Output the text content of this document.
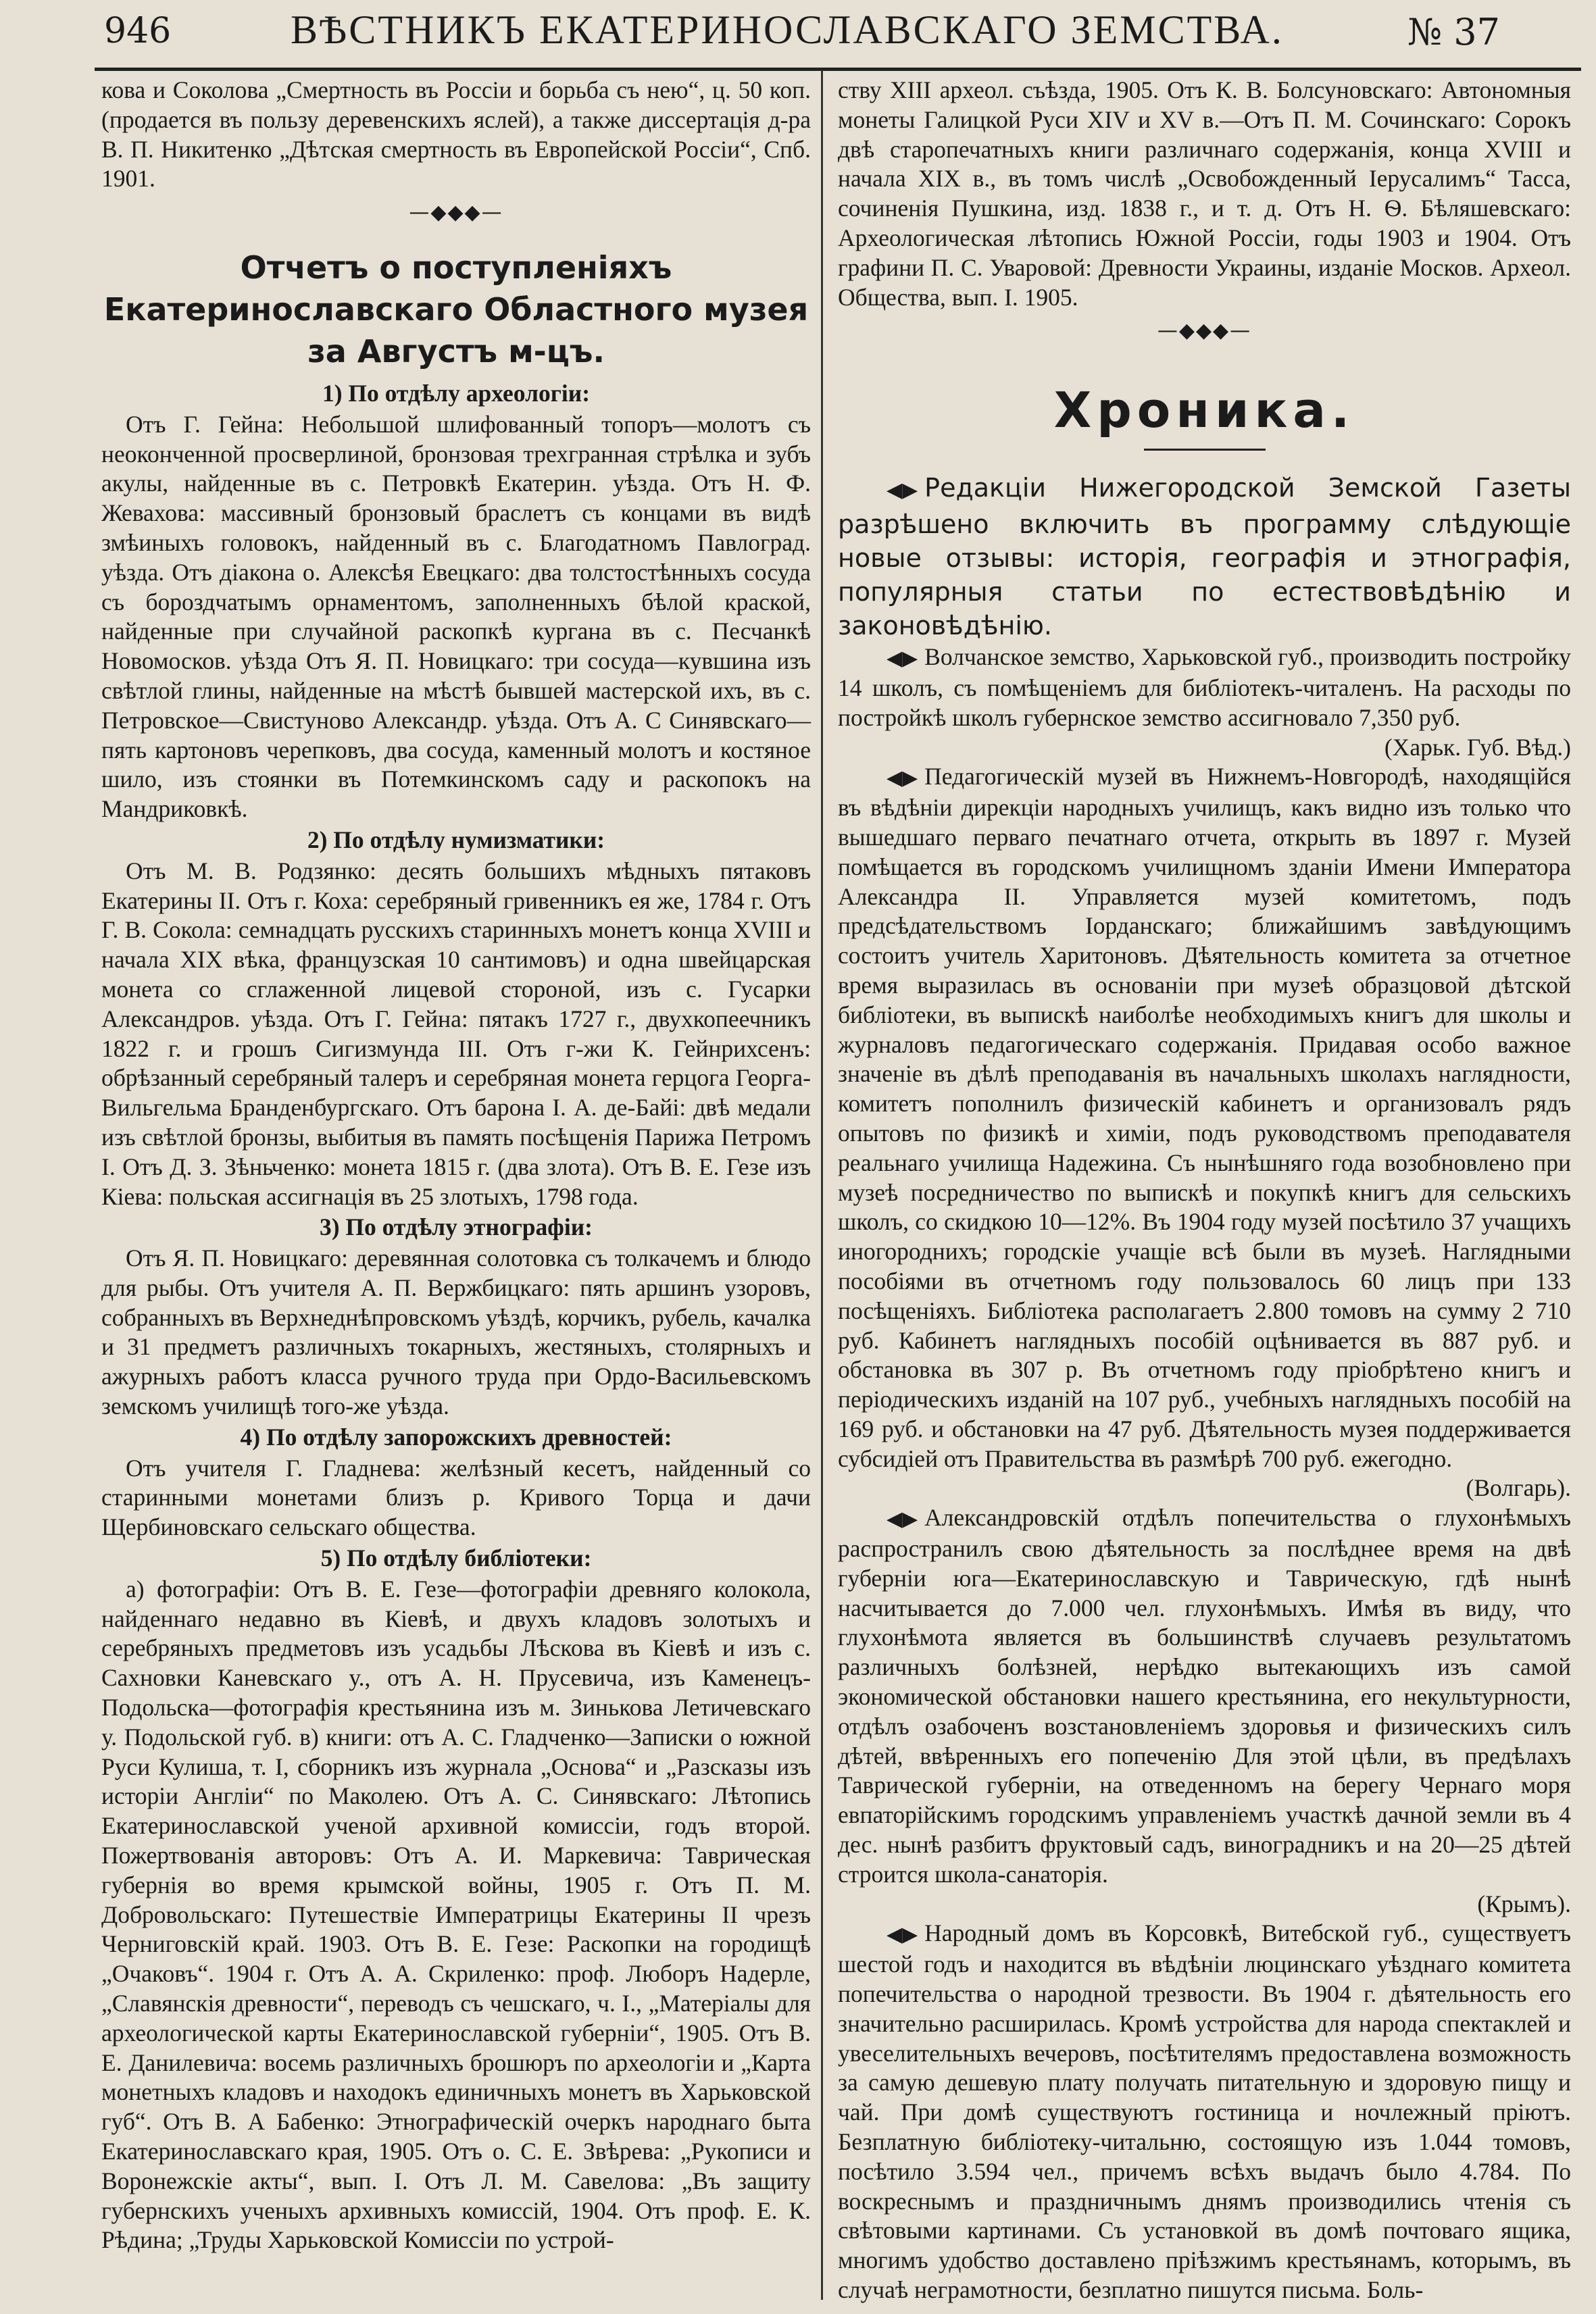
946	ВѢСТНИКЪ ЕКАТЕРИНОСЛАВСКАГО ЗЕМСТВА.	№ 37

кова и Соколова „Смертность въ Россіи и борьба съ нею“, ц. 50 коп. (продается въ пользу деревенскихъ яслей), а также диссертація д-ра В. П. Никитенко „Дѣтская смертность въ Европейской Россіи“, Спб. 1901.

—◆◆◆—
Отчетъ о поступленіяхъ Екатеринославскаго Областного музея за Августъ м-цъ.
1) По отдѣлу археологіи:

Отъ Г. Гейна: Небольшой шлифованный топоръ—молотъ съ неоконченной просверлиной, бронзовая трехгранная стрѣлка и зубъ акулы, найденные въ с. Петровкѣ Екатерин. уѣзда. Отъ Н. Ф. Жевахова: массивный бронзовый браслетъ съ концами въ видѣ змѣиныхъ головокъ, найденный въ с. Благодатномъ Павлоград. уѣзда. Отъ діакона о. Алексѣя Евецкаго: два толстостѣнныхъ сосуда съ бороздчатымъ орнаментомъ, заполненныхъ бѣлой краской, найденные при случайной раскопкѣ кургана въ с. Песчанкѣ Новомосков. уѣзда Отъ Я. П. Новицкаго: три сосуда—кувшина изъ свѣтлой глины, найденные на мѣстѣ бывшей мастерской ихъ, въ с. Петровское—Свистуново Александр. уѣзда. Отъ А. С Синявскаго—пять картоновъ черепковъ, два сосуда, каменный молотъ и костяное шило, изъ стоянки въ Потемкинскомъ саду и раскопокъ на Мандриковкѣ.

2) По отдѣлу нумизматики:

Отъ М. В. Родзянко: десять большихъ мѣдныхъ пятаковъ Екатерины II. Отъ г. Коха: серебряный гривенникъ ея же, 1784 г. Отъ Г. В. Сокола: семнадцать русскихъ старинныхъ монетъ конца XVIII и начала XIX вѣка, французская 10 сантимовъ) и одна швейцарская монета со сглаженной лицевой стороной, изъ с. Гусарки Александров. уѣзда. Отъ Г. Гейна: пятакъ 1727 г., двухкопеечникъ 1822 г. и грошъ Сигизмунда III. Отъ г-жи К. Гейнрихсенъ: обрѣзанный серебряный талеръ и серебряная монета герцога Георга-Вильгельма Бранденбургскаго. Отъ барона І. А. де-Байі: двѣ медали изъ свѣтлой бронзы, выбитыя въ память посѣщенія Парижа Петромъ I. Отъ Д. З. Зѣньченко: монета 1815 г. (два злота). Отъ В. Е. Гезе изъ Кіева: польская ассигнація въ 25 злотыхъ, 1798 года.

3) По отдѣлу этнографіи:

Отъ Я. П. Новицкаго: деревянная солотовка съ толкачемъ и блюдо для рыбы. Отъ учителя А. П. Вержбицкаго: пять аршинъ узоровъ, собранныхъ въ Верхнеднѣпровскомъ уѣздѣ, корчикъ, рубель, качалка и 31 предметъ различныхъ токарныхъ, жестяныхъ, столярныхъ и ажурныхъ работъ класса ручного труда при Ордо-Васильевскомъ земскомъ училищѣ того-же уѣзда.

4) По отдѣлу запорожскихъ древностей:

Отъ учителя Г. Гладнева: желѣзный кесетъ, найденный со старинными монетами близъ р. Кривого Торца и дачи Щербиновскаго сельскаго общества.

5) По отдѣлу библіотеки:

а) фотографіи: Отъ В. Е. Гезе—фотографіи древняго колокола, найденнаго недавно въ Кіевѣ, и двухъ кладовъ золотыхъ и серебряныхъ предметовъ изъ усадьбы Лѣскова въ Кіевѣ и изъ с. Сахновки Каневскаго у., отъ А. Н. Прусевича, изъ Каменецъ-Подольска—фотографія крестьянина изъ м. Зинькова Летичевскаго у. Подольской губ. в) книги: отъ А. С. Гладченко—Записки о южной Руси Кулиша, т. I, сборникъ изъ журнала „Основа“ и „Разсказы изъ исторіи Англіи“ по Маколею. Отъ А. С. Синявскаго: Лѣтопись Екатеринославской ученой архивной комиссіи, годъ второй. Пожертвованія авторовъ: Отъ А. И. Маркевича: Таврическая губернія во время крымской войны, 1905 г. Отъ П. М. Добровольскаго: Путешествіе Императрицы Екатерины II чрезъ Черниговскій край. 1903. Отъ В. Е. Гезе: Раскопки на городищѣ „Очаковъ“. 1904 г. Отъ А. А. Скриленко: проф. Люборъ Надерле, „Славянскія древности“, переводъ съ чешскаго, ч. I., „Матеріалы для археологической карты Екатеринославской губерніи“, 1905. Отъ В. Е. Данилевича: восемь различныхъ брошюръ по археологіи и „Карта монетныхъ кладовъ и находокъ единичныхъ монетъ въ Харьковской губ“. Отъ В. А Бабенко: Этнографическій очеркъ народнаго быта Екатеринославскаго края, 1905. Отъ о. С. Е. Звѣрева: „Рукописи и Воронежскіе акты“, вып. I. Отъ Л. М. Савелова: „Въ защиту губернскихъ ученыхъ архивныхъ комиссій, 1904. Отъ проф. Е. К. Рѣдина; „Труды Харьковской Комиссіи по устрой-

ству XIII археол. съѣзда, 1905. Отъ К. В. Болсуновскаго: Автономныя монеты Галицкой Руси XIV и XV в.—Отъ П. М. Сочинскаго: Сорокъ двѣ старопечатныхъ книги различнаго содержанія, конца XVIII и начала XIX в., въ томъ числѣ „Освобожденный Іерусалимъ“ Тасса, сочиненія Пушкина, изд. 1838 г., и т. д. Отъ Н. Ѳ. Бѣляшевскаго: Археологическая лѣтопись Южной Россіи, годы 1903 и 1904. Отъ графини П. С. Уваровой: Древности Украины, изданіе Москов. Археол. Общества, вып. I. 1905.

—◆◆◆—
Хроника.

◀▶ Редакціи Нижегородской Земской Газеты разрѣшено включить въ программу слѣдующіе новые отзывы: исторія, географія и этнографія, популярныя статьи по естествовѣдѣнію и законовѣдѣнію.

◀▶ Волчанское земство, Харьковской губ., производить постройку 14 школъ, съ помѣщеніемъ для библіотекъ-читаленъ. На расходы по постройкѣ школъ губернское земство ассигновало 7,350 руб.
(Харьк. Губ. Вѣд.)

◀▶ Педагогическій музей въ Нижнемъ-Новгородѣ, находящійся въ вѣдѣніи дирекціи народныхъ училищъ, какъ видно изъ только что вышедшаго перваго печатнаго отчета, открыть въ 1897 г. Музей помѣщается въ городскомъ училищномъ зданіи Имени Императора Александра II. Управляется музей комитетомъ, подъ предсѣдательствомъ Іорданскаго; ближайшимъ завѣдующимъ состоитъ учитель Харитоновъ. Дѣятельность комитета за отчетное время выразилась въ основаніи при музеѣ образцовой дѣтской библіотеки, въ выпискѣ наиболѣе необходимыхъ книгъ для школы и журналовъ педагогическаго содержанія. Придавая особо важное значеніе въ дѣлѣ преподаванія въ начальныхъ школахъ наглядности, комитетъ пополнилъ физическій кабинетъ и организовалъ рядъ опытовъ по физикѣ и химіи, подъ руководствомъ преподавателя реальнаго училища Надежина. Съ нынѣшняго года возобновлено при музеѣ посредничество по выпискѣ и покупкѣ книгъ для сельскихъ школъ, со скидкою 10—12%. Въ 1904 году музей посѣтило 37 учащихъ иногороднихъ; городскіе учащіе всѣ были въ музеѣ. Наглядными пособіями въ отчетномъ году пользовалось 60 лицъ при 133 посѣщеніяхъ. Библіотека располагаетъ 2.800 томовъ на сумму 2 710 руб. Кабинетъ наглядныхъ пособій оцѣнивается въ 887 руб. и обстановка въ 307 р. Въ отчетномъ году пріобрѣтено книгъ и періодическихъ изданій на 107 руб., учебныхъ наглядныхъ пособій на 169 руб. и обстановки на 47 руб. Дѣятельность музея поддерживается субсидіей отъ Правительства въ размѣрѣ 700 руб. ежегодно.
(Волгарь).

◀▶ Александровскій отдѣлъ попечительства о глухонѣмыхъ распространилъ свою дѣятельность за послѣднее время на двѣ губерніи юга—Екатеринославскую и Таврическую, гдѣ нынѣ насчитывается до 7.000 чел. глухонѣмыхъ. Имѣя въ виду, что глухонѣмота является въ большинствѣ случаевъ результатомъ различныхъ болѣзней, нерѣдко вытекающихъ изъ самой экономической обстановки нашего крестьянина, его некультурности, отдѣлъ озабоченъ возстановленіемъ здоровья и физическихъ силъ дѣтей, ввѣренныхъ его попеченію Для этой цѣли, въ предѣлахъ Таврической губерніи, на отведенномъ на берегу Чернаго моря евпаторійскимъ городскимъ управленіемъ участкѣ дачной земли въ 4 дес. нынѣ разбитъ фруктовый садъ, виноградникъ и на 20—25 дѣтей строится школа-санаторія.
(Крымъ).

◀▶ Народный домъ въ Корсовкѣ, Витебской губ., существуетъ шестой годъ и находится въ вѣдѣніи люцинскаго уѣзднаго комитета попечительства о народной трезвости. Въ 1904 г. дѣятельность его значительно расширилась. Кромѣ устройства для народа спектаклей и увеселительныхъ вечеровъ, посѣтителямъ предоставлена возможность за самую дешевую плату получать питательную и здоровую пищу и чай. При домѣ существуютъ гостиница и ночлежный пріютъ. Безплатную библіотеку-читальню, состоящую изъ 1.044 томовъ, посѣтило 3.594 чел., причемъ всѣхъ выдачъ было 4.784. По воскреснымъ и праздничнымъ днямъ производились чтенія съ свѣтовыми картинами. Съ установкой въ домѣ почтоваго ящика, многимъ удобство доставлено пріѣзжимъ крестьянамъ, которымъ, въ случаѣ неграмотности, безплатно пишутся письма. Боль-
